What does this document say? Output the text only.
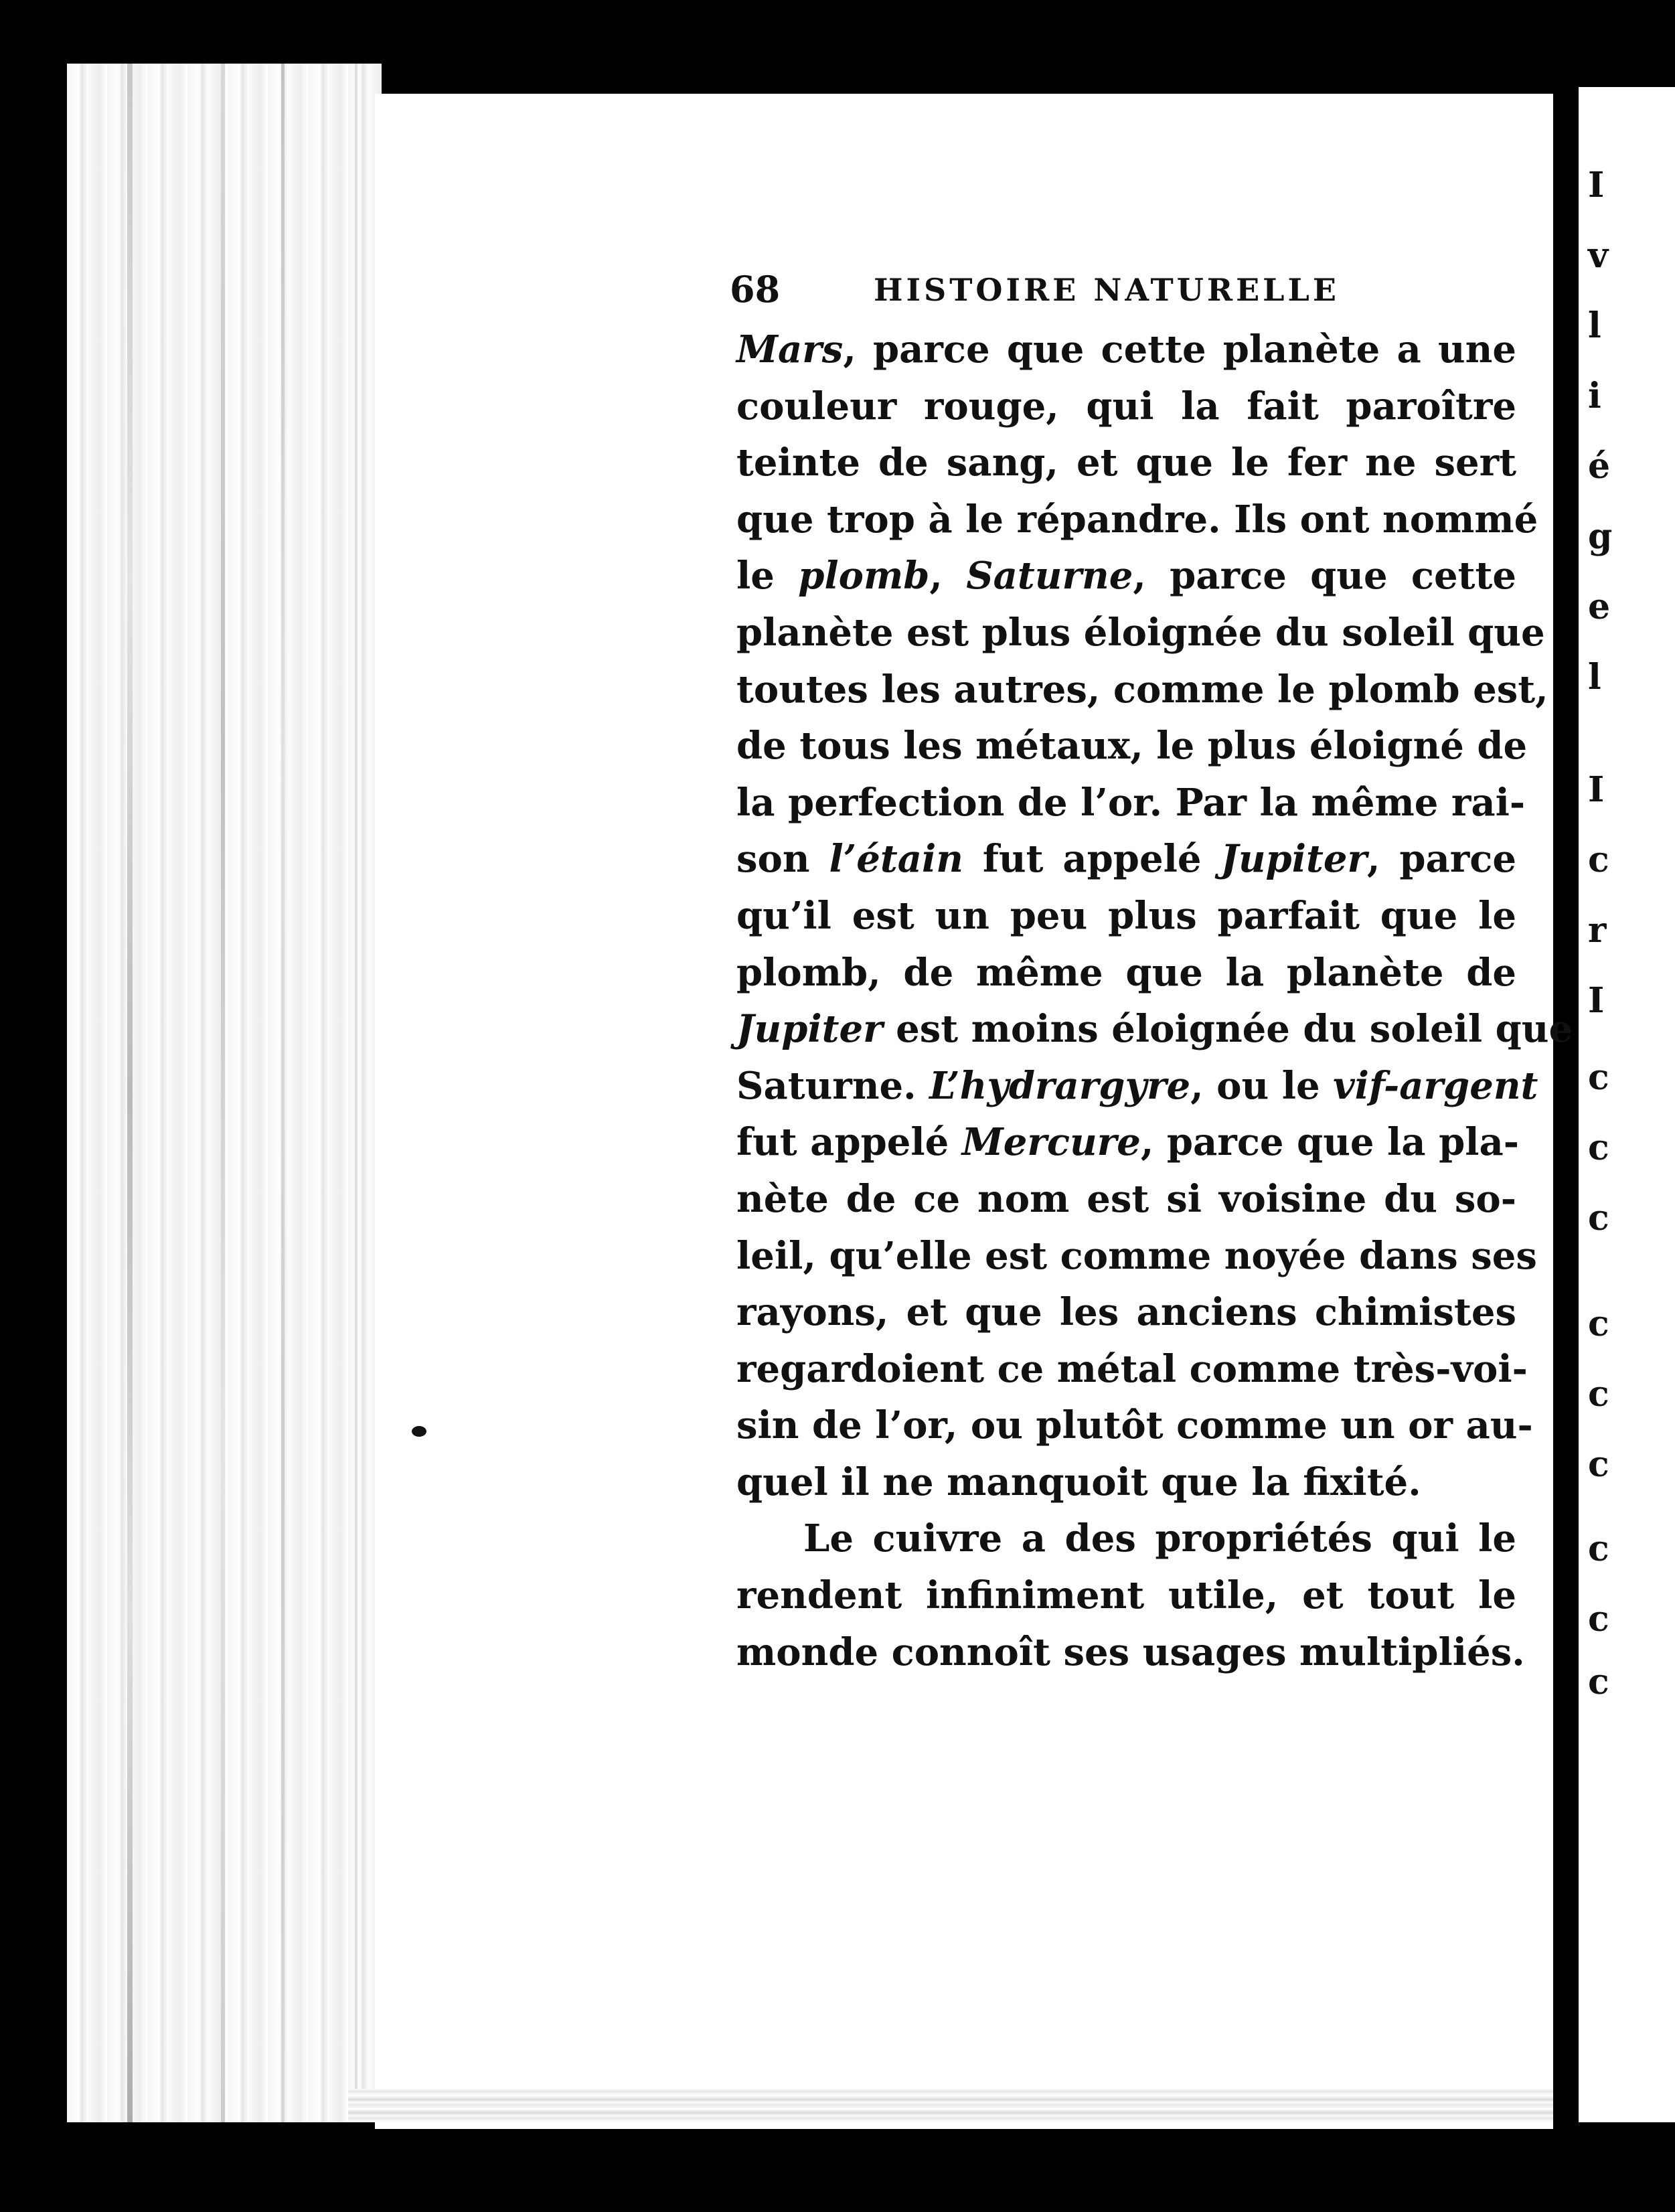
I
v
l
i
é
g
e
l
I
c
r
I
c
c
c
c
c
c
c
c
c
68	HISTOIRE NATURELLE
Mars, parce que cette planète a une
couleur rouge, qui la fait paroître
teinte de sang, et que le fer ne sert
que trop à le répandre. Ils ont nommé
le plomb, Saturne, parce que cette
planète est plus éloignée du soleil que
toutes les autres, comme le plomb est,
de tous les métaux, le plus éloigné de
la perfection de l’or. Par la même rai-
son l’étain fut appelé Jupiter, parce
qu’il est un peu plus parfait que le
plomb, de même que la planète de
Jupiter est moins éloignée du soleil que
Saturne. L’hydrargyre, ou le vif-argent
fut appelé Mercure, parce que la pla-
nète de ce nom est si voisine du so-
leil, qu’elle est comme noyée dans ses
rayons, et que les anciens chimistes
regardoient ce métal comme très-voi-
sin de l’or, ou plutôt comme un or au-
quel il ne manquoit que la fixité.
Le cuivre a des propriétés qui le
rendent infiniment utile, et tout le
monde connoît ses usages multipliés.
